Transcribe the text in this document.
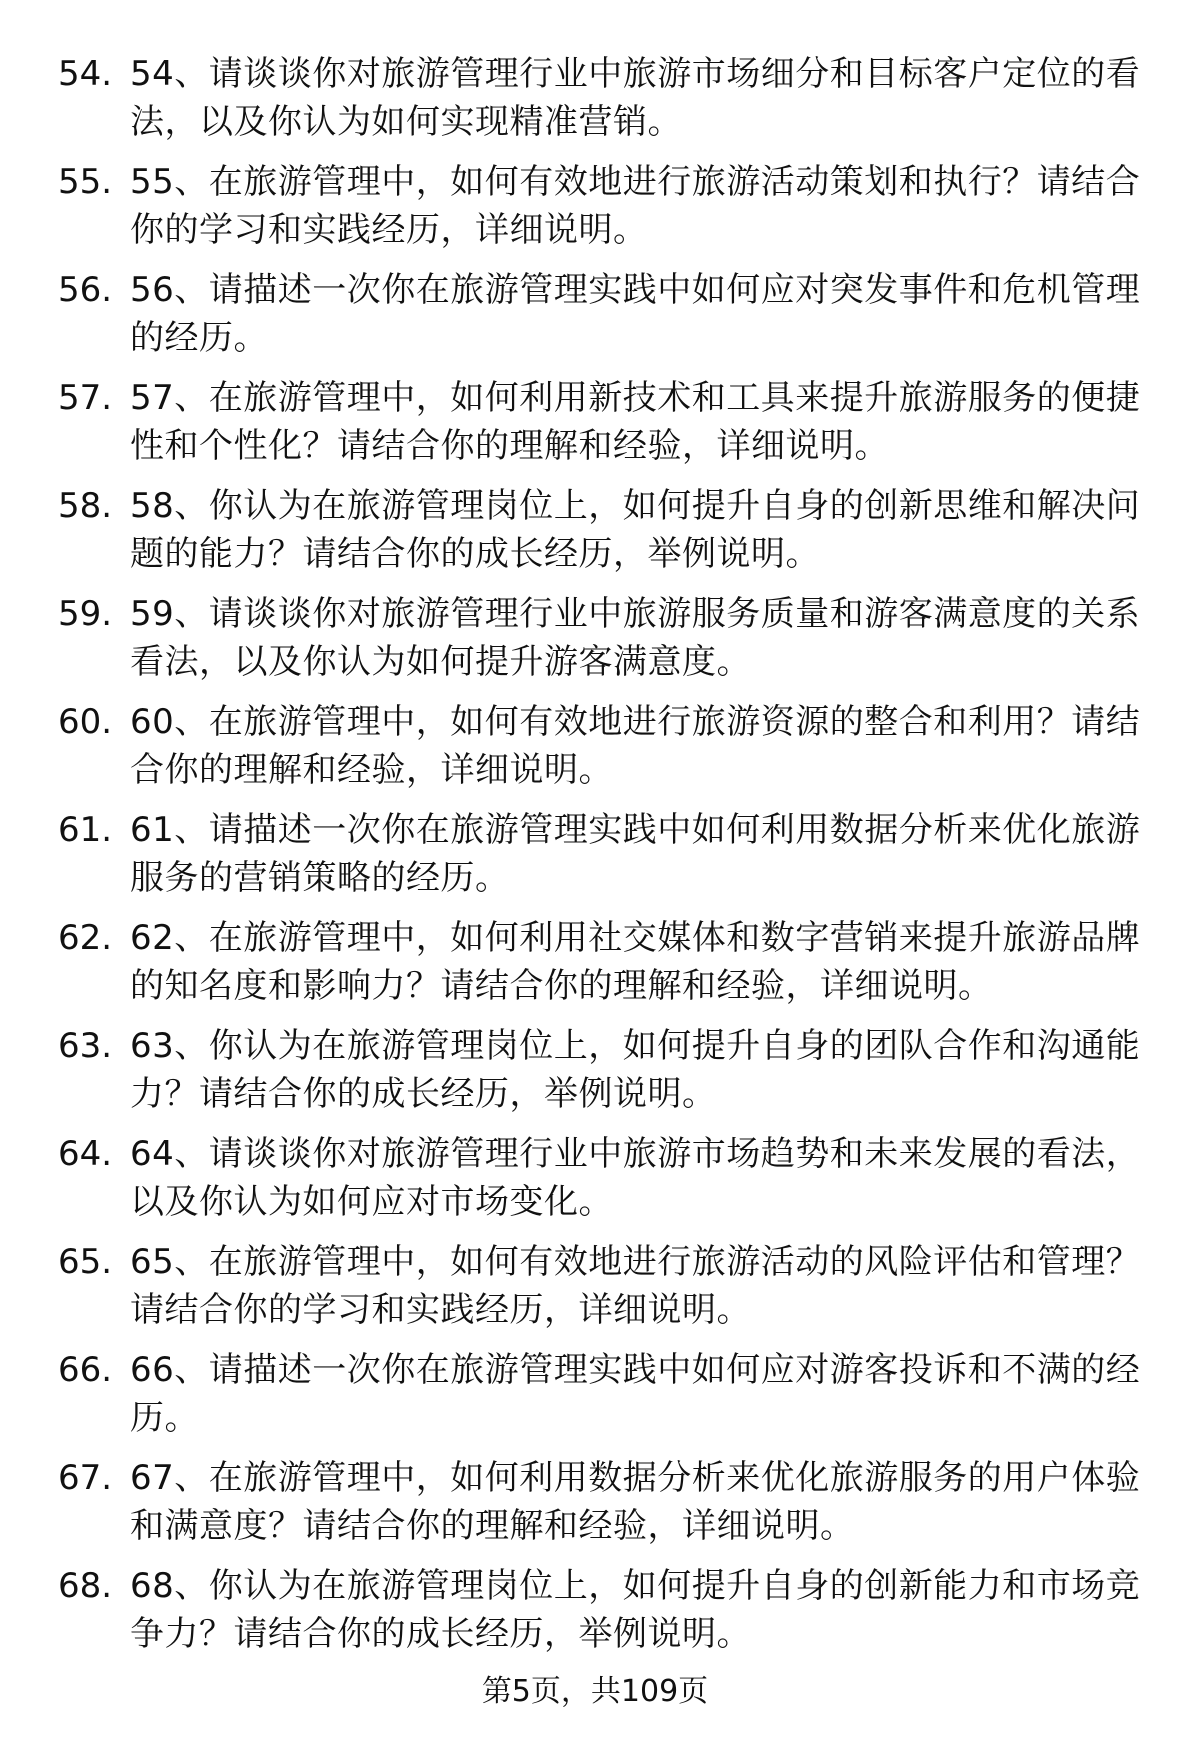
54. 54、请谈谈你对旅游管理行业中旅游市场细分和目标客户定位的看法，以及你认为如何实现精准营销。
55. 55、在旅游管理中，如何有效地进行旅游活动策划和执行？请结合你的学习和实践经历，详细说明。
56. 56、请描述一次你在旅游管理实践中如何应对突发事件和危机管理的经历。
57. 57、在旅游管理中，如何利用新技术和工具来提升旅游服务的便捷性和个性化？请结合你的理解和经验，详细说明。
58. 58、你认为在旅游管理岗位上，如何提升自身的创新思维和解决问题的能力？请结合你的成长经历，举例说明。
59. 59、请谈谈你对旅游管理行业中旅游服务质量和游客满意度的关系看法，以及你认为如何提升游客满意度。
60. 60、在旅游管理中，如何有效地进行旅游资源的整合和利用？请结合你的理解和经验，详细说明。
61. 61、请描述一次你在旅游管理实践中如何利用数据分析来优化旅游服务的营销策略的经历。
62. 62、在旅游管理中，如何利用社交媒体和数字营销来提升旅游品牌的知名度和影响力？请结合你的理解和经验，详细说明。
63. 63、你认为在旅游管理岗位上，如何提升自身的团队合作和沟通能力？请结合你的成长经历，举例说明。
64. 64、请谈谈你对旅游管理行业中旅游市场趋势和未来发展的看法，以及你认为如何应对市场变化。
65. 65、在旅游管理中，如何有效地进行旅游活动的风险评估和管理？请结合你的学习和实践经历，详细说明。
66. 66、请描述一次你在旅游管理实践中如何应对游客投诉和不满的经历。
67. 67、在旅游管理中，如何利用数据分析来优化旅游服务的用户体验和满意度？请结合你的理解和经验，详细说明。
68. 68、你认为在旅游管理岗位上，如何提升自身的创新能力和市场竞争力？请结合你的成长经历，举例说明。
第5页，共109页
